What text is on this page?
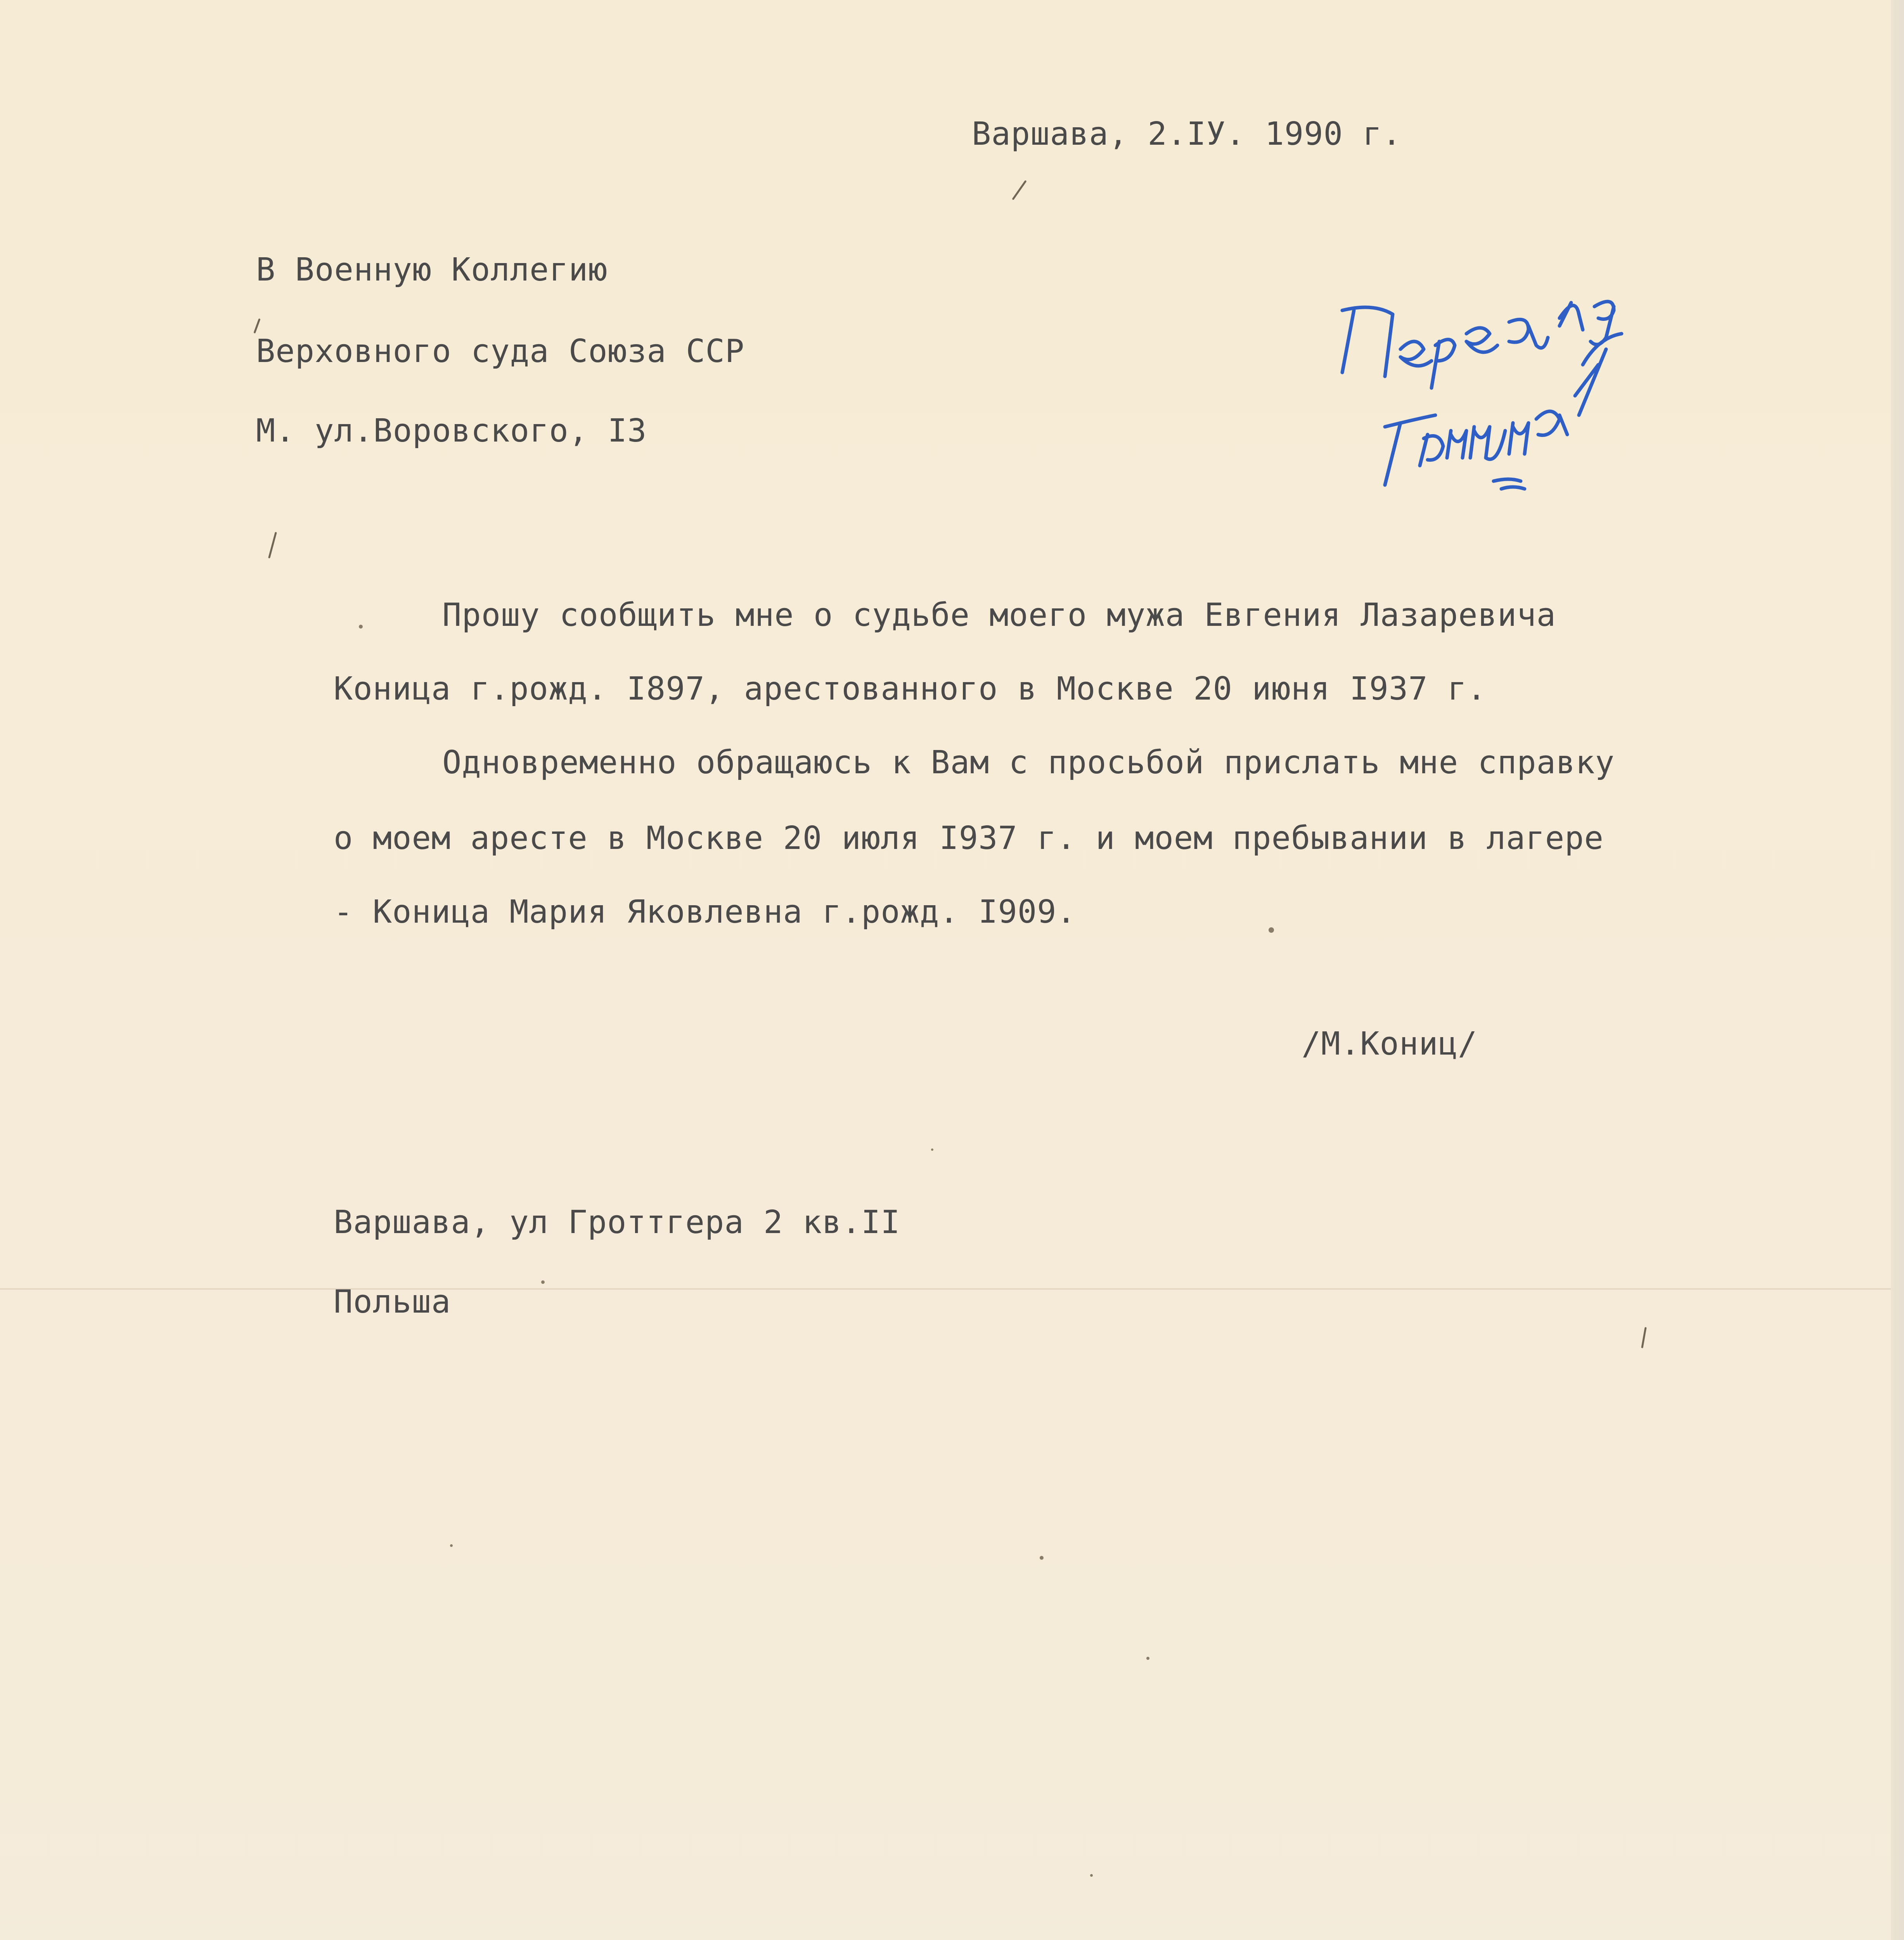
Варшава, 2.IУ. 1990 г.
В Военную Коллегию
Верховного суда Союза ССР
М. ул.Воровского, I3
Прошу сообщить мне о судьбе моего мужа Евгения Лазаревича
Коница г.рожд. I897, арестованного в Москве 20 июня I937 г.
Одновременно обращаюсь к Вам с просьбой прислать мне справку
о моем аресте в Москве 20 июля I937 г. и моем пребывании в лагере
- Коница Мария Яковлевна г.рожд. I909.
/М.Кониц/
Варшава, ул Гроттгера 2 кв.II
Польша
